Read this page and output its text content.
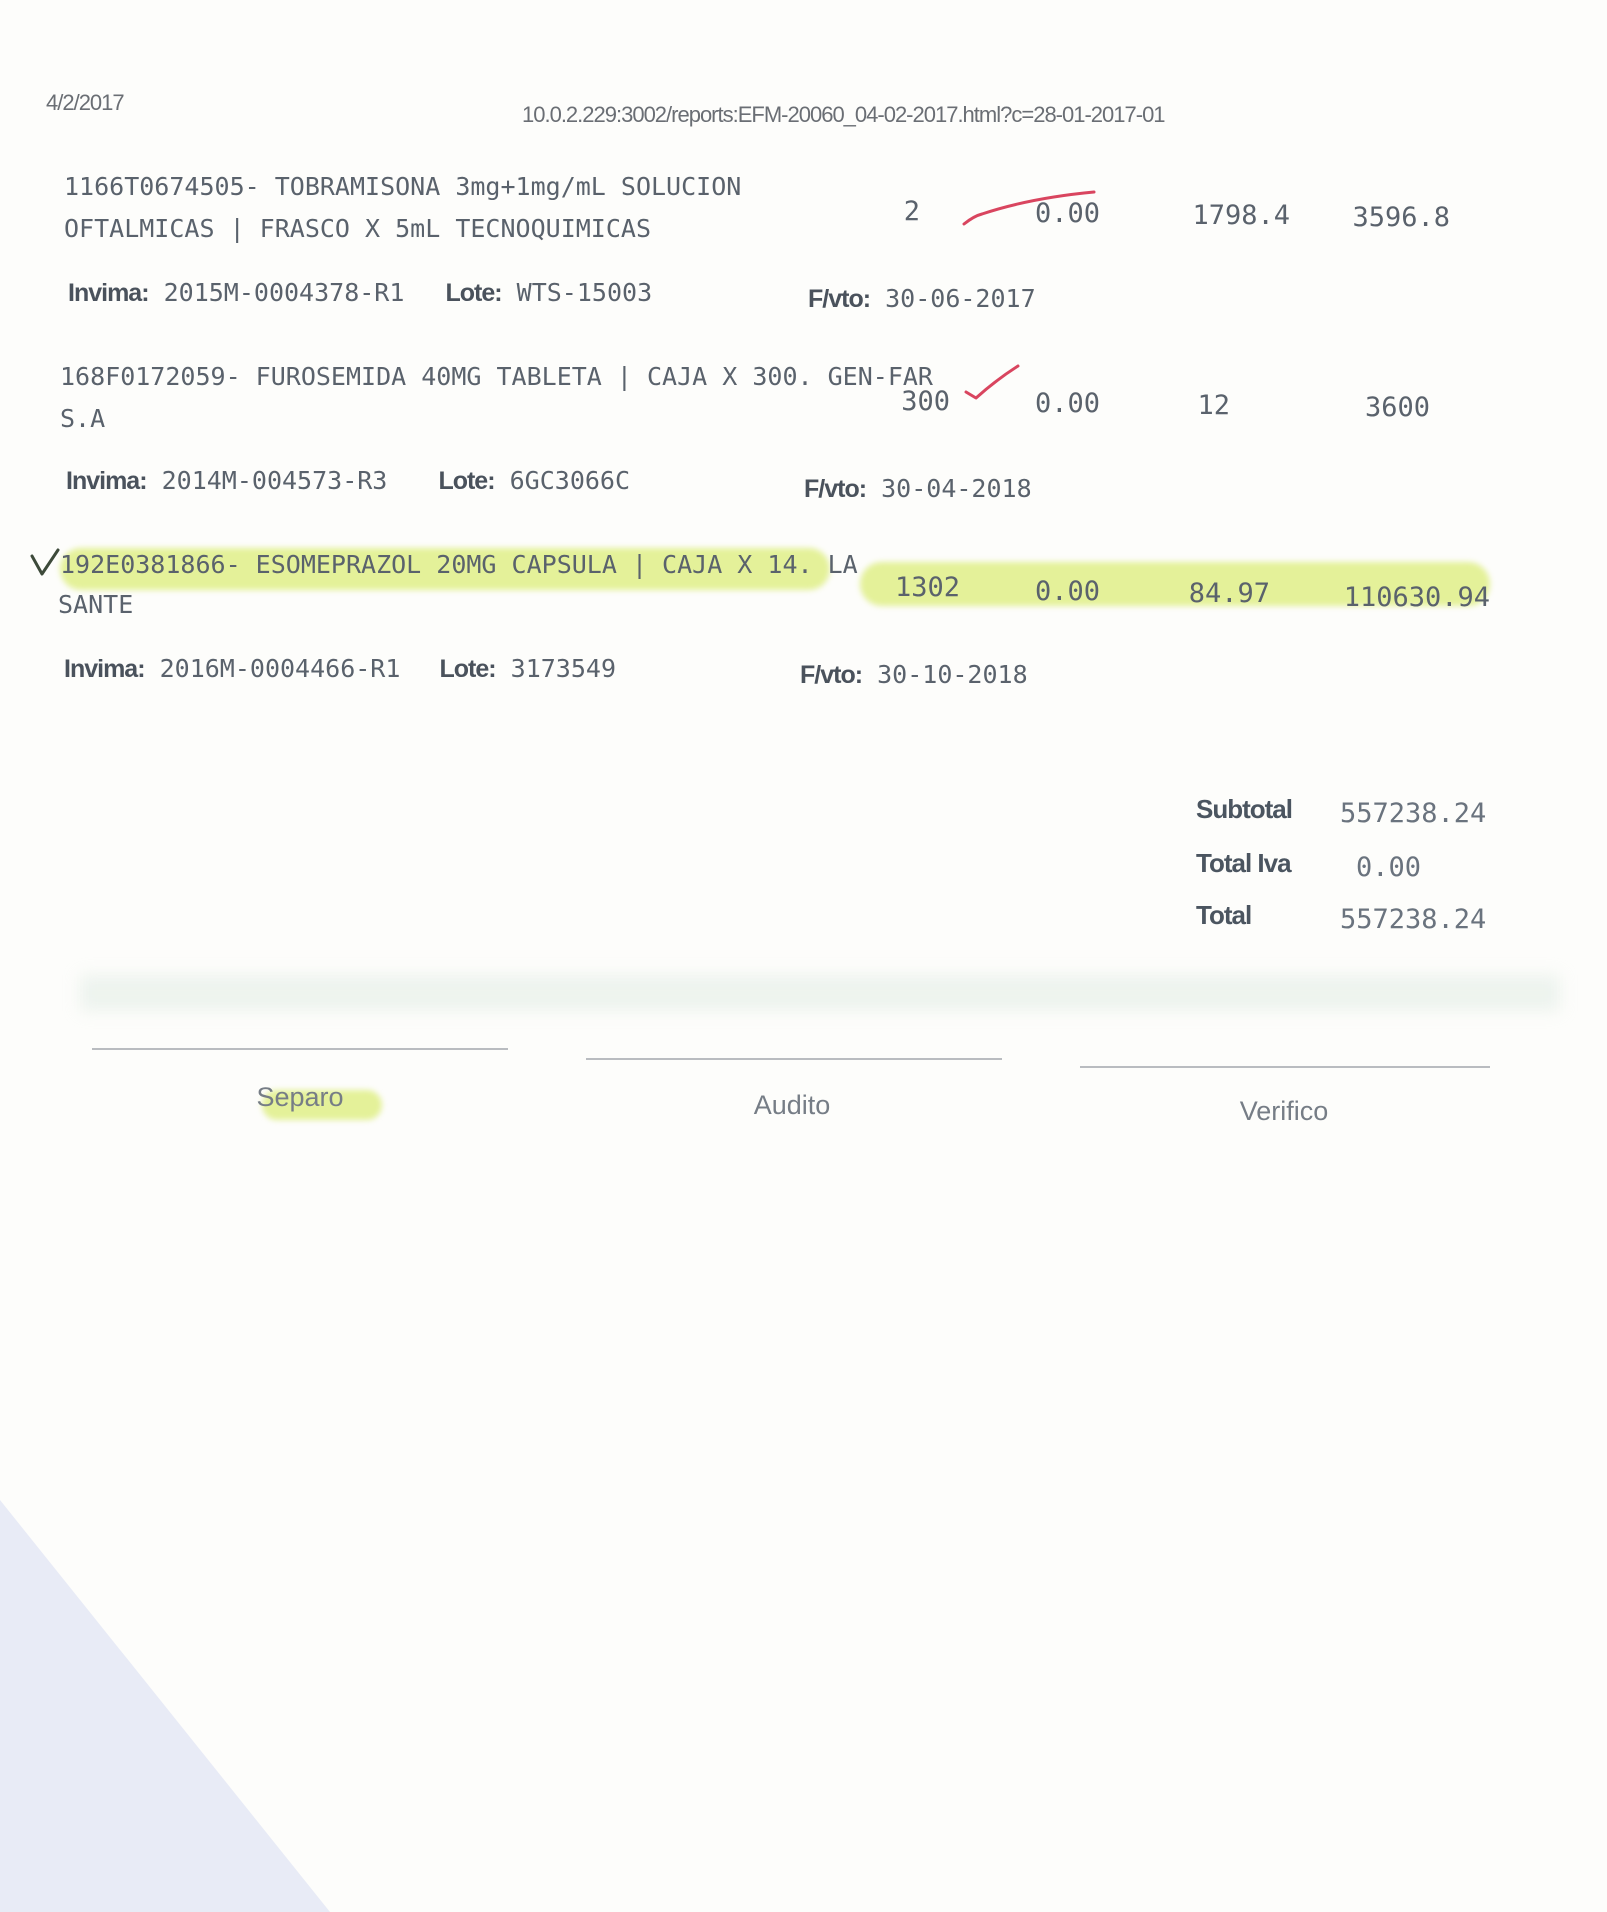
4/2/2017	10.0.2.229:3002/reports:EFM-20060_04-02-2017.html?c=28-01-2017-01
1166T0674505- TOBRAMISONA 3mg+1mg/mL SOLUCION
OFTALMICAS | FRASCO X 5mL TECNOQUIMICAS
2	0.00	1798.4	3596.8
Invima: 2015M-0004378-R1 Lote: WTS-15003	F/vto: 30-06-2017
168F0172059- FUROSEMIDA 40MG TABLETA | CAJA X 300. GEN-FAR
S.A
300	0.00	12	3600
Invima: 2014M-004573-R3 Lote: 6GC3066C	F/vto: 30-04-2018
192E0381866- ESOMEPRAZOL 20MG CAPSULA | CAJA X 14. LA
SANTE
1302	0.00	84.97	110630.94
Invima: 2016M-0004466-R1 Lote: 3173549	F/vto: 30-10-2018
Subtotal 557238.24
Total Iva	0.00
Total	557238.24
Separo	Audito	Verifico
